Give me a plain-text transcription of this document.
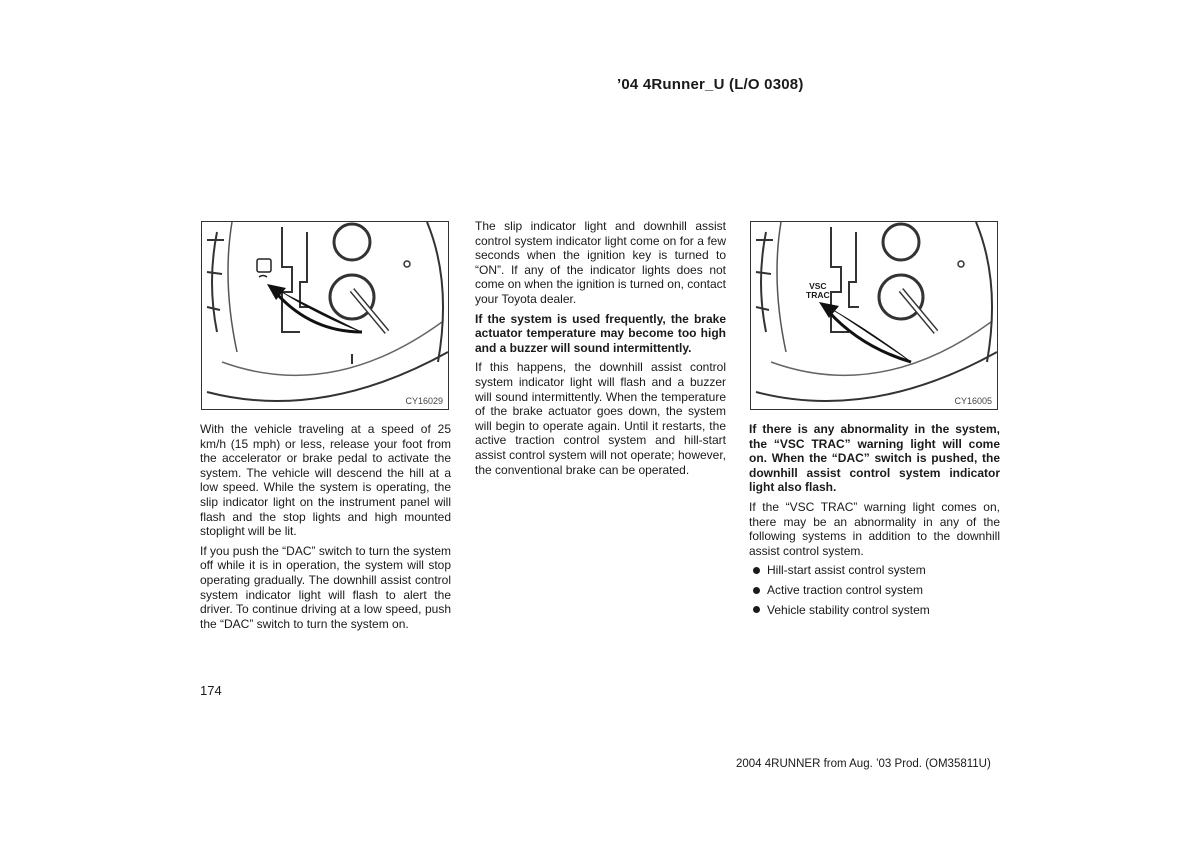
’04 4Runner_U (L/O 0308)
CY16029
VSC
TRAC
CY16005

With the vehicle traveling at a speed of 25 km/h (15 mph) or less, release your foot from the accelerator or brake pedal to activate the system. The vehicle will descend the hill at a low speed. While the system is operating, the slip indicator light on the instrument panel will flash and the stop lights and high mounted stoplight will be lit.

If you push the “DAC” switch to turn the system off while it is in operation, the system will stop operating gradually. The downhill assist control system indicator light will flash to alert the driver. To continue driving at a low speed, push the “DAC” switch to turn the system on.

The slip indicator light and downhill assist control system indicator light come on for a few seconds when the ignition key is turned to “ON”. If any of the indicator lights does not come on when the ignition is turned on, contact your Toyota dealer.

If the system is used frequently, the brake actuator temperature may become too high and a buzzer will sound intermittently.

If this happens, the downhill assist control system indicator light will flash and a buzzer will sound intermittently. When the temperature of the brake actuator goes down, the system will begin to operate again. Until it restarts, the active traction control system and hill-start assist control system will not operate; however, the conventional brake can be operated.

If there is any abnormality in the system, the “VSC TRAC” warning light will come on. When the “DAC” switch is pushed, the downhill assist control system indicator light also flash.

If the “VSC TRAC” warning light comes on, there may be an abnormality in any of the following systems in addition to the downhill assist control system.

Hill-start assist control system
Active traction control system
Vehicle stability control system
174
2004 4RUNNER from Aug. ’03 Prod. (OM35811U)
